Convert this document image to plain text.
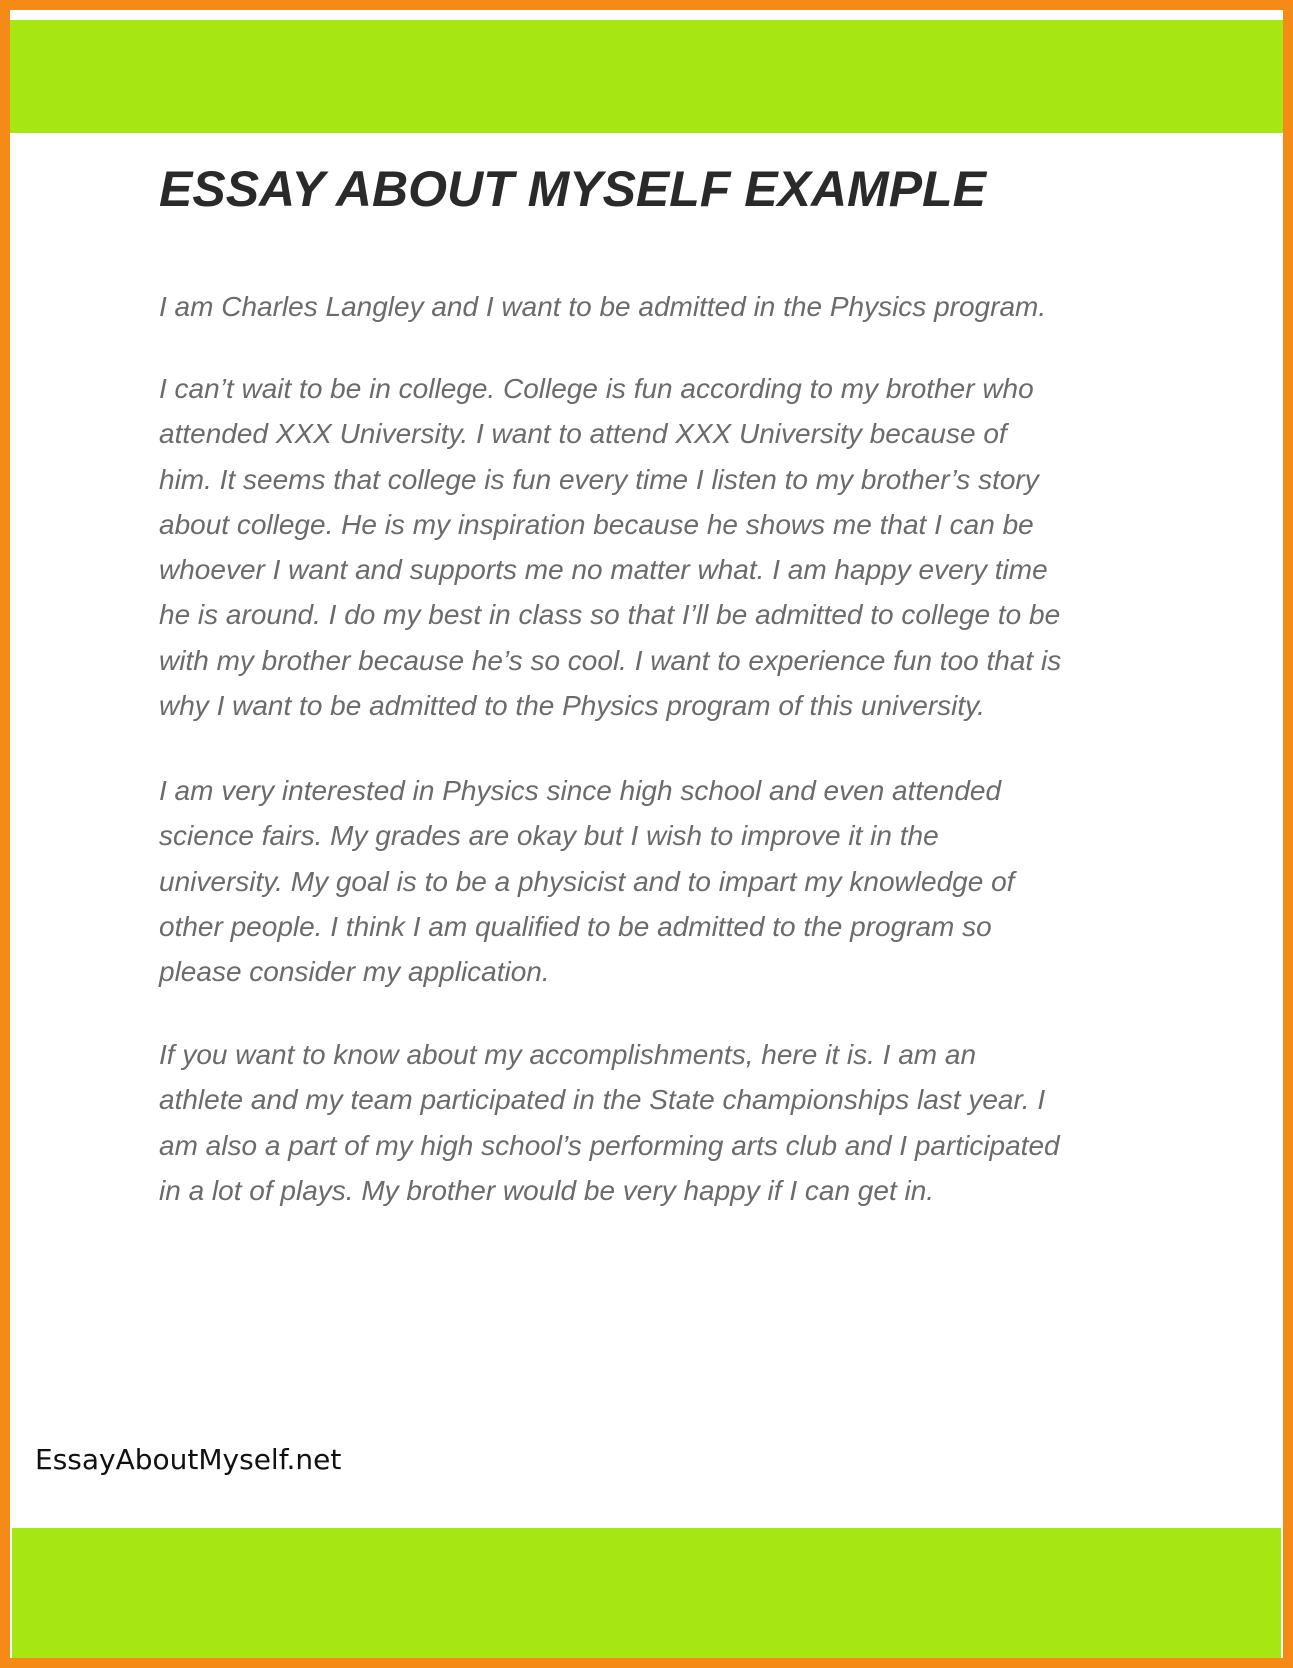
ESSAY ABOUT MYSELF EXAMPLE

I am Charles Langley and I want to be admitted in the Physics program.

I can’t wait to be in college. College is fun according to my brother who
attended XXX University. I want to attend XXX University because of
him. It seems that college is fun every time I listen to my brother’s story
about college. He is my inspiration because he shows me that I can be
whoever I want and supports me no matter what. I am happy every time
he is around. I do my best in class so that I’ll be admitted to college to be
with my brother because he’s so cool. I want to experience fun too that is
why I want to be admitted to the Physics program of this university.

I am very interested in Physics since high school and even attended
science fairs. My grades are okay but I wish to improve it in the
university. My goal is to be a physicist and to impart my knowledge of
other people. I think I am qualified to be admitted to the program so
please consider my application.

If you want to know about my accomplishments, here it is. I am an
athlete and my team participated in the State championships last year. I
am also a part of my high school’s performing arts club and I participated
in a lot of plays. My brother would be very happy if I can get in.

EssayAboutMyself.net
